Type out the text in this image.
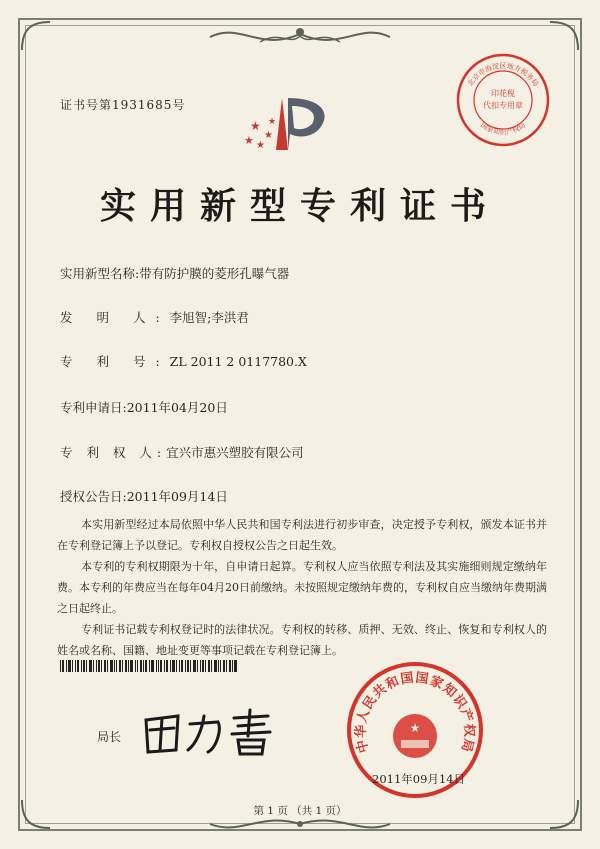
★
★ ★
★
★
证书号第1931685号
印花税
代扣专用章
北京市海淀区地方税务局
国家知识产权局
实用新型专利证书
实用新型名称:带有防护膜的菱形孔曝气器
发 明 人:李旭智;李洪君
专 利 号:ZL 2011 2 0117780.X
专利申请日:2011年04月20日
专 利 权 人:宜兴市惠兴塑胶有限公司
授权公告日:2011年09月14日
本实用新型经过本局依照中华人民共和国专利法进行初步审查，决定授予专利权，颁发本证书并在专利登记簿上予以登记。专利权自授权公告之日起生效。
本专利的专利权期限为十年，自申请日起算。专利权人应当依照专利法及其实施细则规定缴纳年费。本专利的年费应当在每年04月20日前缴纳。未按照规定缴纳年费的，专利权自应当缴纳年费期满之日起终止。
专利证书记载专利权登记时的法律状况。专利权的转移、质押、无效、终止、恢复和专利权人的姓名或名称、国籍、地址变更等事项记载在专利登记簿上。
局长	中华人民共和国国家知识产权局
★
2011年09月14日
第 1 页 （共 1 页）
